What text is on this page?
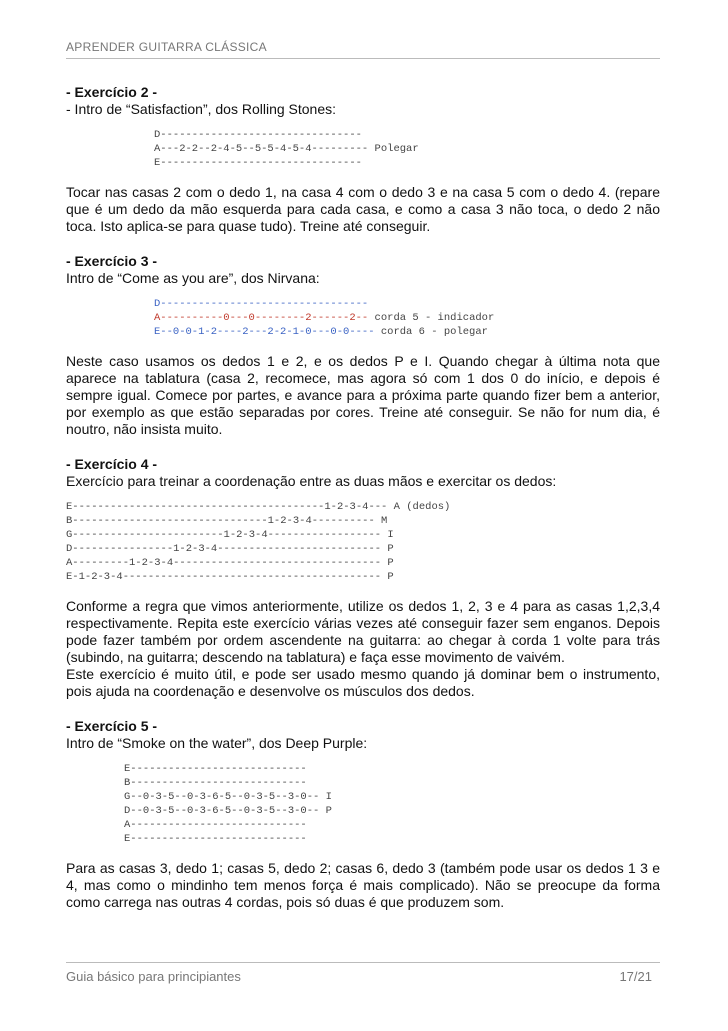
APRENDER GUITARRA CLÁSSICA

- Exercício 2 -

- Intro de “Satisfaction”, dos Rolling Stones:

D--------------------------------

A---2-2--2-4-5--5-5-4-5-4--------- Polegar

E--------------------------------

Tocar nas casas 2 com o dedo 1, na casa 4 com o dedo 3 e na casa 5 com o dedo 4. (repare que é um dedo da mão esquerda para cada casa, e como a casa 3 não toca, o dedo 2 não toca. Isto aplica-se para quase tudo). Treine até conseguir.

- Exercício 3 -

Intro de “Come as you are”, dos Nirvana:

D---------------------------------

A----------0---0--------2------2-- corda 5 - indicador

E--0-0-1-2----2---2-2-1-0---0-0---- corda 6 - polegar

Neste caso usamos os dedos 1 e 2, e os dedos P e I. Quando chegar à última nota que aparece na tablatura (casa 2, recomece, mas agora só com 1 dos 0 do início, e depois é sempre igual. Comece por partes, e avance para a próxima parte quando fizer bem a anterior, por exemplo as que estão separadas por cores. Treine até conseguir. Se não for num dia, é noutro, não insista muito.

- Exercício 4 -

Exercício para treinar a coordenação entre as duas mãos e exercitar os dedos:

E----------------------------------------1-2-3-4--- A (dedos)

B-------------------------------1-2-3-4---------- M

G------------------------1-2-3-4------------------ I

D----------------1-2-3-4-------------------------- P

A---------1-2-3-4--------------------------------- P

E-1-2-3-4----------------------------------------- P

Conforme a regra que vimos anteriormente, utilize os dedos 1, 2, 3 e 4 para as casas 1,2,3,4 respectivamente. Repita este exercício várias vezes até conseguir fazer sem enganos. Depois pode fazer também por ordem ascendente na guitarra: ao chegar à corda 1 volte para trás (subindo, na guitarra; descendo na tablatura) e faça esse movimento de vaivém.

Este exercício é muito útil, e pode ser usado mesmo quando já dominar bem o instrumento, pois ajuda na coordenação e desenvolve os músculos dos dedos.

- Exercício 5 -

Intro de “Smoke on the water”, dos Deep Purple:

E----------------------------

B----------------------------

G--0-3-5--0-3-6-5--0-3-5--3-0-- I

D--0-3-5--0-3-6-5--0-3-5--3-0-- P

A----------------------------

E----------------------------

Para as casas 3, dedo 1; casas 5, dedo 2; casas 6, dedo 3 (também pode usar os dedos 1 3 e 4, mas como o mindinho tem menos força é mais complicado). Não se preocupe da forma como carrega nas outras 4 cordas, pois só duas é que produzem som.

Guia básico para principiantes	17/21
